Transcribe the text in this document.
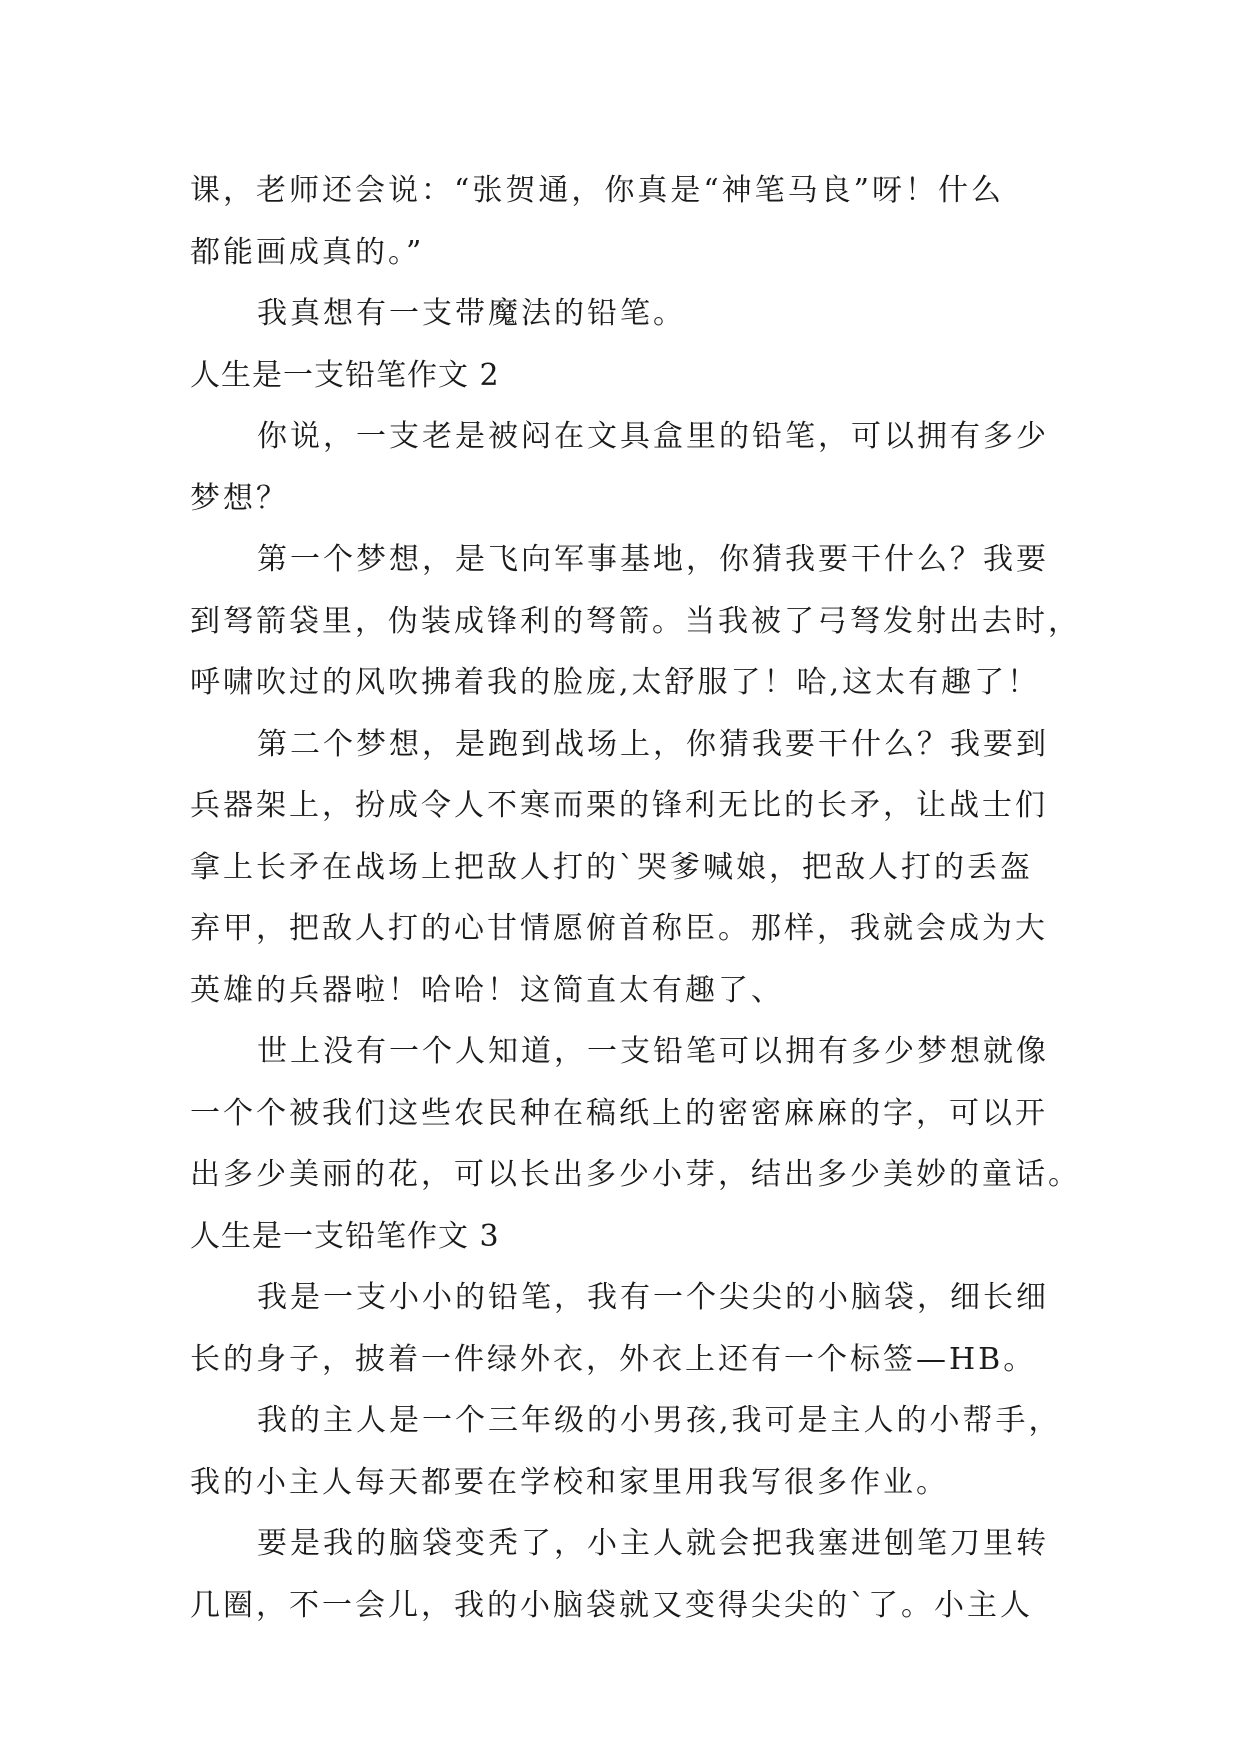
课，老师还会说：“张贺通，你真是“神笔马良”呀！什么

都能画成真的。”

我真想有一支带魔法的铅笔。

人生是一支铅笔作文 2

你说，一支老是被闷在文具盒里的铅笔，可以拥有多少

梦想？

第一个梦想，是飞向军事基地，你猜我要干什么？我要

到弩箭袋里，伪装成锋利的弩箭。当我被了弓弩发射出去时，

呼啸吹过的风吹拂着我的脸庞,太舒服了！哈,这太有趣了！

第二个梦想，是跑到战场上，你猜我要干什么？我要到

兵器架上，扮成令人不寒而栗的锋利无比的长矛，让战士们

拿上长矛在战场上把敌人打的`哭爹喊娘，把敌人打的丢盔

弃甲，把敌人打的心甘情愿俯首称臣。那样，我就会成为大

英雄的兵器啦！哈哈！这简直太有趣了、

世上没有一个人知道，一支铅笔可以拥有多少梦想就像

一个个被我们这些农民种在稿纸上的密密麻麻的字，可以开

出多少美丽的花，可以长出多少小芽，结出多少美妙的童话。

人生是一支铅笔作文 3

我是一支小小的铅笔，我有一个尖尖的小脑袋，细长细

长的身子，披着一件绿外衣，外衣上还有一个标签—HB。

我的主人是一个三年级的小男孩,我可是主人的小帮手，

我的小主人每天都要在学校和家里用我写很多作业。

要是我的脑袋变秃了，小主人就会把我塞进刨笔刀里转

几圈，不一会儿，我的小脑袋就又变得尖尖的`了。小主人
